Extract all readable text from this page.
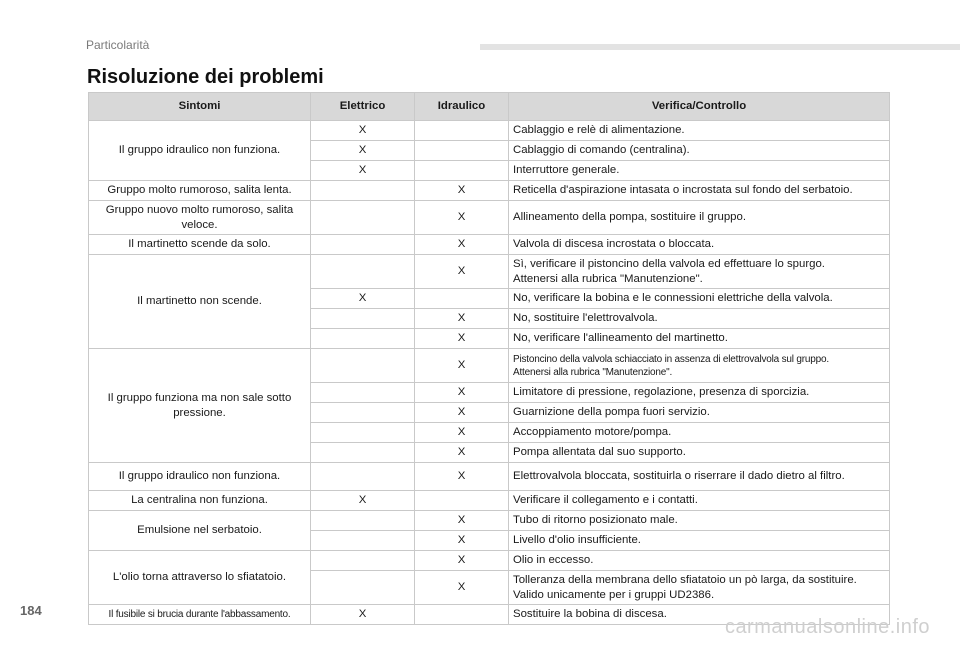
Particolarità
Risoluzione dei problemi
Sintomi	Elettrico	Idraulico	Verifica/Controllo
Il gruppo idraulico non funziona.	X		Cablaggio e relè di alimentazione.
	X		Cablaggio di comando (centralina).
	X		Interruttore generale.
Gruppo molto rumoroso, salita lenta.		X	Reticella d'aspirazione intasata o incrostata sul fondo del serbatoio.
Gruppo nuovo molto rumoroso, salita veloce.		X	Allineamento della pompa, sostituire il gruppo.
Il martinetto scende da solo.		X	Valvola di discesa incrostata o bloccata.
Il martinetto non scende.		X	Sì, verificare il pistoncino della valvola ed effettuare lo spurgo.
Attenersi alla rubrica "Manutenzione".

	X		No, verificare la bobina e le connessioni elettriche della valvola.
		X	No, sostituire l'elettrovalvola.
		X	No, verificare l'allineamento del martinetto.
Il gruppo funziona ma non sale sotto pressione.		X	Pistoncino della valvola schiacciato in assenza di elettrovalvola sul gruppo.
Attenersi alla rubrica "Manutenzione".

		X	Limitatore di pressione, regolazione, presenza di sporcizia.
		X	Guarnizione della pompa fuori servizio.
		X	Accoppiamento motore/pompa.
		X	Pompa allentata dal suo supporto.
Il gruppo idraulico non funziona.		X	Elettrovalvola bloccata, sostituirla o riserrare il dado dietro al filtro.
La centralina non funziona.	X		Verificare il collegamento e i contatti.
Emulsione nel serbatoio.		X	Tubo di ritorno posizionato male.
		X	Livello d'olio insufficiente.
L'olio torna attraverso lo sfiatatoio.		X	Olio in eccesso.
		X	Tolleranza della membrana dello sfiatatoio un pò larga, da sostituire.
Valido unicamente per i gruppi UD2386.

Il fusibile si brucia durante l'abbassamento.	X		Sostituire la bobina di discesa.
184
carmanualsonline.info
